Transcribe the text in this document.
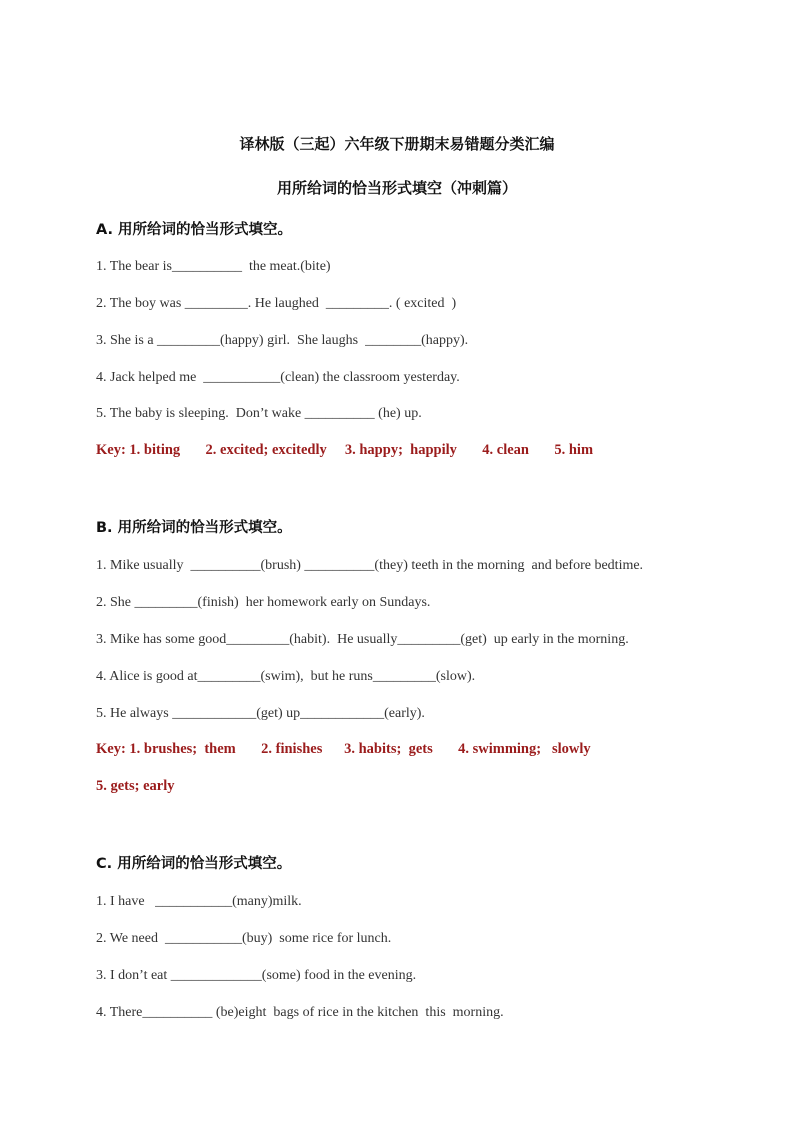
译林版（三起）六年级下册期末易错题分类汇编
用所给词的恰当形式填空（冲刺篇）
A. 用所给词的恰当形式填空。
1. The bear is__________  the meat.(bite)
2. The boy was _________. He laughed  _________. ( excited  )
3. She is a _________(happy) girl.  She laughs  ________(happy).
4. Jack helped me  ___________(clean) the classroom yesterday.
5. The baby is sleeping.  Don’t wake __________ (he) up.
Key: 1. biting       2. excited; excitedly     3. happy;  happily       4. clean       5. him
B. 用所给词的恰当形式填空。
1. Mike usually  __________(brush) __________(they) teeth in the morning  and before bedtime.
2. She _________(finish)  her homework early on Sundays.
3. Mike has some good_________(habit).  He usually_________(get)  up early in the morning.
4. Alice is good at_________(swim),  but he runs_________(slow).
5. He always ____________(get) up____________(early).
Key: 1. brushes;  them       2. finishes      3. habits;  gets       4. swimming;   slowly
5. gets; early
C. 用所给词的恰当形式填空。
1. I have   ___________(many)milk.
2. We need  ___________(buy)  some rice for lunch.
3. I don’t eat _____________(some) food in the evening.
4. There__________ (be)eight  bags of rice in the kitchen  this  morning.
